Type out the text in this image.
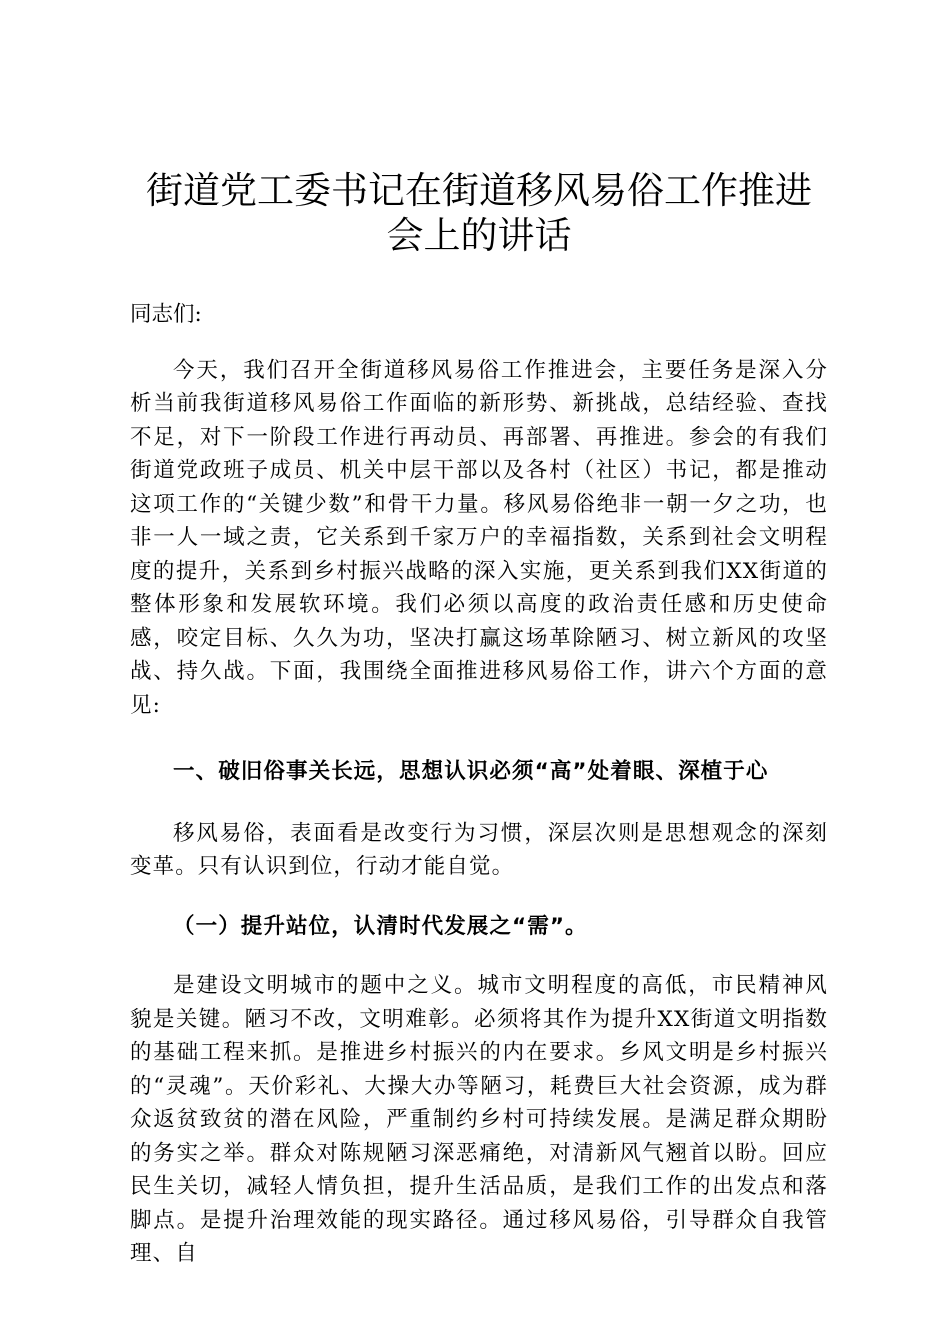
街道党工委书记在街道移风易俗工作推进会上的讲话

同志们:

今天，我们召开全街道移风易俗工作推进会，主要任务是深入分析当前我街道移风易俗工作面临的新形势、新挑战，总结经验、查找不足，对下一阶段工作进行再动员、再部署、再推进。参会的有我们街道党政班子成员、机关中层干部以及各村（社区）书记，都是推动这项工作的“关键少数”和骨干力量。移风易俗绝非一朝一夕之功，也非一人一域之责，它关系到千家万户的幸福指数，关系到社会文明程度的提升，关系到乡村振兴战略的深入实施，更关系到我们XX街道的整体形象和发展软环境。我们必须以高度的政治责任感和历史使命感，咬定目标、久久为功，坚决打赢这场革除陋习、树立新风的攻坚战、持久战。下面，我围绕全面推进移风易俗工作，讲六个方面的意见:

一、破旧俗事关长远，思想认识必须“高”处着眼、深植于心

移风易俗，表面看是改变行为习惯，深层次则是思想观念的深刻变革。只有认识到位，行动才能自觉。

（一）提升站位，认清时代发展之“需”。

是建设文明城市的题中之义。城市文明程度的高低，市民精神风貌是关键。陋习不改，文明难彰。必须将其作为提升XX街道文明指数的基础工程来抓。是推进乡村振兴的内在要求。乡风文明是乡村振兴的“灵魂”。天价彩礼、大操大办等陋习，耗费巨大社会资源，成为群众返贫致贫的潜在风险，严重制约乡村可持续发展。是满足群众期盼的务实之举。群众对陈规陋习深恶痛绝，对清新风气翘首以盼。回应民生关切，减轻人情负担，提升生活品质，是我们工作的出发点和落脚点。是提升治理效能的现实路径。通过移风易俗，引导群众自我管理、自
